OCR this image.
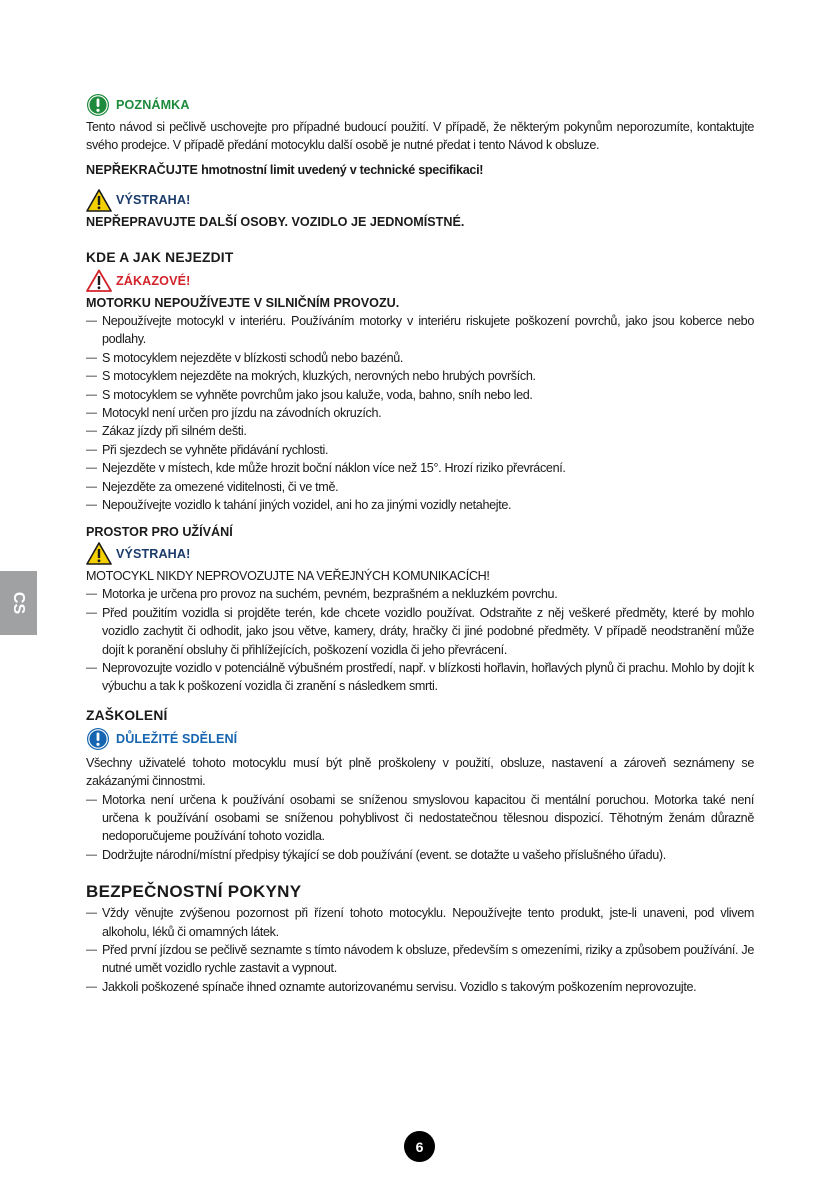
CS
POZNÁMKA

Tento návod si pečlivě uschovejte pro případné budoucí použití. V případě, že některým pokynům neporozumíte, kontaktujte svého prodejce. V případě předání motocyklu další osobě je nutné předat i tento Návod k obsluze.

NEPŘEKRAČUJTE hmotnostní limit uvedený v technické specifikaci!

VÝSTRAHA!

NEPŘEPRAVUJTE DALŠÍ OSOBY. VOZIDLO JE JEDNOMÍSTNÉ.

KDE A JAK NEJEZDIT
ZÁKAZOVÉ!

MOTORKU NEPOUŽÍVEJTE V SILNIČNÍM PROVOZU.

— Nepoužívejte motocykl v interiéru. Používáním motorky v interiéru riskujete poškození povrchů, jako jsou koberce nebo podlahy.
— S motocyklem nejezděte v blízkosti schodů nebo bazénů.
— S motocyklem nejezděte na mokrých, kluzkých, nerovných nebo hrubých površích.
— S motocyklem se vyhněte povrchům jako jsou kaluže, voda, bahno, sníh nebo led.
— Motocykl není určen pro jízdu na závodních okruzích.
— Zákaz jízdy při silném dešti.
— Při sjezdech se vyhněte přidávání rychlosti.
— Nejezděte v místech, kde může hrozit boční náklon více než 15°. Hrozí riziko převrácení.
— Nejezděte za omezené viditelnosti, či ve tmě.
— Nepoužívejte vozidlo k tahání jiných vozidel, ani ho za jinými vozidly netahejte.

PROSTOR PRO UŽÍVÁNÍ

VÝSTRAHA!

MOTOCYKL NIKDY NEPROVOZUJTE NA VEŘEJNÝCH KOMUNIKACÍCH!

— Motorka je určena pro provoz na suchém, pevném, bezprašném a nekluzkém povrchu.
— Před použitím vozidla si projděte terén, kde chcete vozidlo používat. Odstraňte z něj veškeré předměty, které by mohlo vozidlo zachytit či odhodit, jako jsou větve, kamery, dráty, hračky či jiné podobné předměty. V případě neodstranění může dojít k poranění obsluhy či přihlížejících, poškození vozidla či jeho převrácení.
— Neprovozujte vozidlo v potenciálně výbušném prostředí, např. v blízkosti hořlavin, hořlavých plynů či prachu. Mohlo by dojít k výbuchu a tak k poškození vozidla či zranění s následkem smrti.
ZAŠKOLENÍ
DŮLEŽITÉ SDĚLENÍ

Všechny uživatelé tohoto motocyklu musí být plně proškoleny v použití, obsluze, nastavení a zároveň seznámeny se zakázanými činnostmi.

— Motorka není určena k používání osobami se sníženou smyslovou kapacitou či mentální poruchou. Motorka také není určena k používání osobami se sníženou pohyblivost či nedostatečnou tělesnou dispozicí. Těhotným ženám důrazně nedoporučujeme používání tohoto vozidla.
— Dodržujte národní/místní předpisy týkající se dob používání (event. se dotažte u vašeho příslušného úřadu).
BEZPEČNOSTNÍ POKYNY
— Vždy věnujte zvýšenou pozornost při řízení tohoto motocyklu. Nepoužívejte tento produkt, jste-li unaveni, pod vlivem alkoholu, léků či omamných látek.
— Před první jízdou se pečlivě seznamte s tímto návodem k obsluze, především s omezeními, riziky a způsobem používání. Je nutné umět vozidlo rychle zastavit a vypnout.
— Jakkoli poškozené spínače ihned oznamte autorizovanému servisu. Vozidlo s takovým poškozením neprovozujte.
6
